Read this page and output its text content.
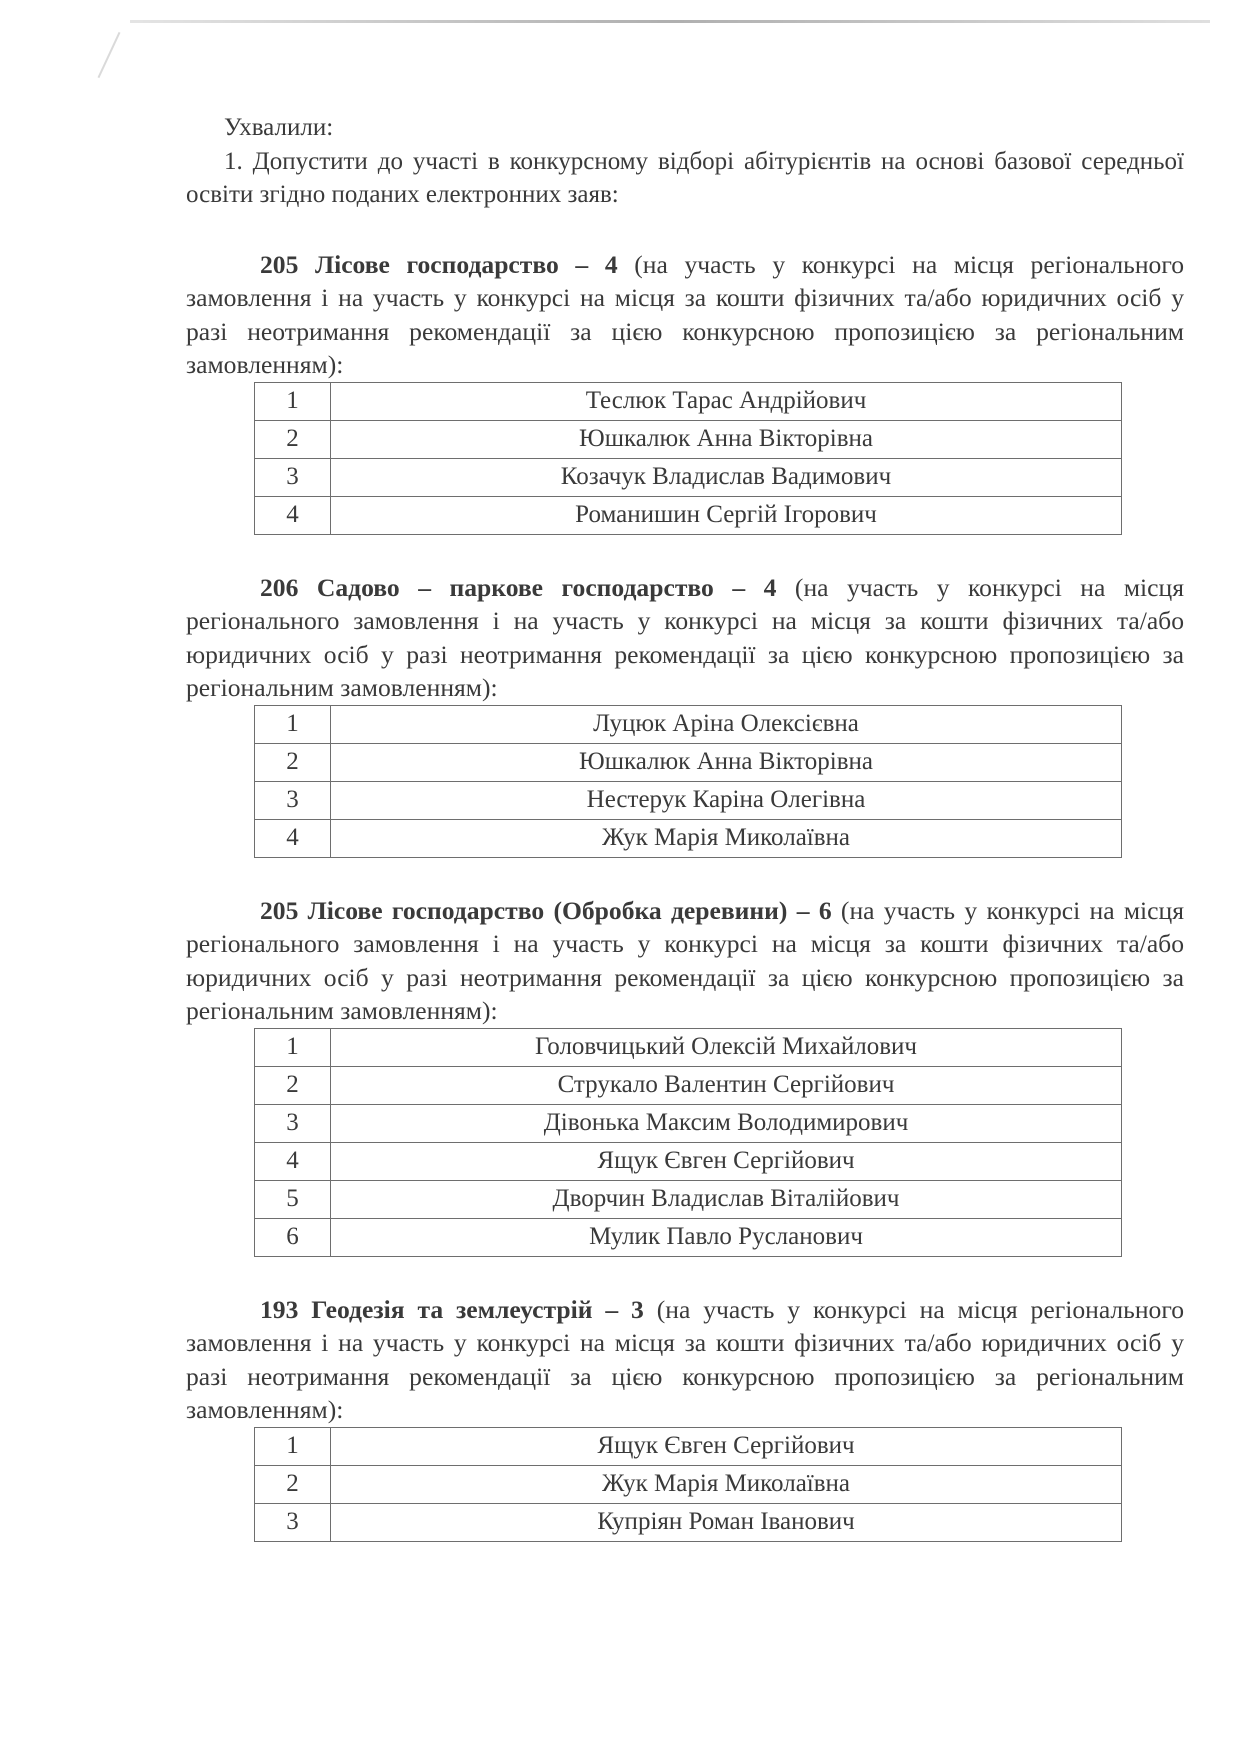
Ухвалили:

1. Допустити до участі в конкурсному відборі абітурієнтів на основі базової середньої освіти згідно поданих електронних заяв:

205 Лісове господарство – 4 (на участь у конкурсі на місця регіонального замовлення і на участь у конкурсі на місця за кошти фізичних та/або юридичних осіб у разі неотримання рекомендації за цією конкурсною пропозицією за регіональним замовленням):

1	Теслюк Тарас Андрійович
2	Юшкалюк Анна Вікторівна
3	Козачук Владислав Вадимович
4	Романишин Сергій Ігорович

206 Садово – паркове господарство – 4 (на участь у конкурсі на місця регіонального замовлення і на участь у конкурсі на місця за кошти фізичних та/або юридичних осіб у разі неотримання рекомендації за цією конкурсною пропозицією за регіональним замовленням):

1	Луцюк Аріна Олексієвна
2	Юшкалюк Анна Вікторівна
3	Нестерук Каріна Олегівна
4	Жук Марія Миколаївна

205 Лісове господарство (Обробка деревини) – 6 (на участь у конкурсі на місця регіонального замовлення і на участь у конкурсі на місця за кошти фізичних та/або юридичних осіб у разі неотримання рекомендації за цією конкурсною пропозицією за регіональним замовленням):

1	Головчицький Олексій Михайлович
2	Струкало Валентин Сергійович
3	Дівонька Максим Володимирович
4	Ящук Євген Сергійович
5	Дворчин Владислав Віталійович
6	Мулик Павло Русланович

193 Геодезія та землеустрій – 3 (на участь у конкурсі на місця регіонального замовлення і на участь у конкурсі на місця за кошти фізичних та/або юридичних осіб у разі неотримання рекомендації за цією конкурсною пропозицією за регіональним замовленням):

1	Ящук Євген Сергійович
2	Жук Марія Миколаївна
3	Купріян Роман Іванович
